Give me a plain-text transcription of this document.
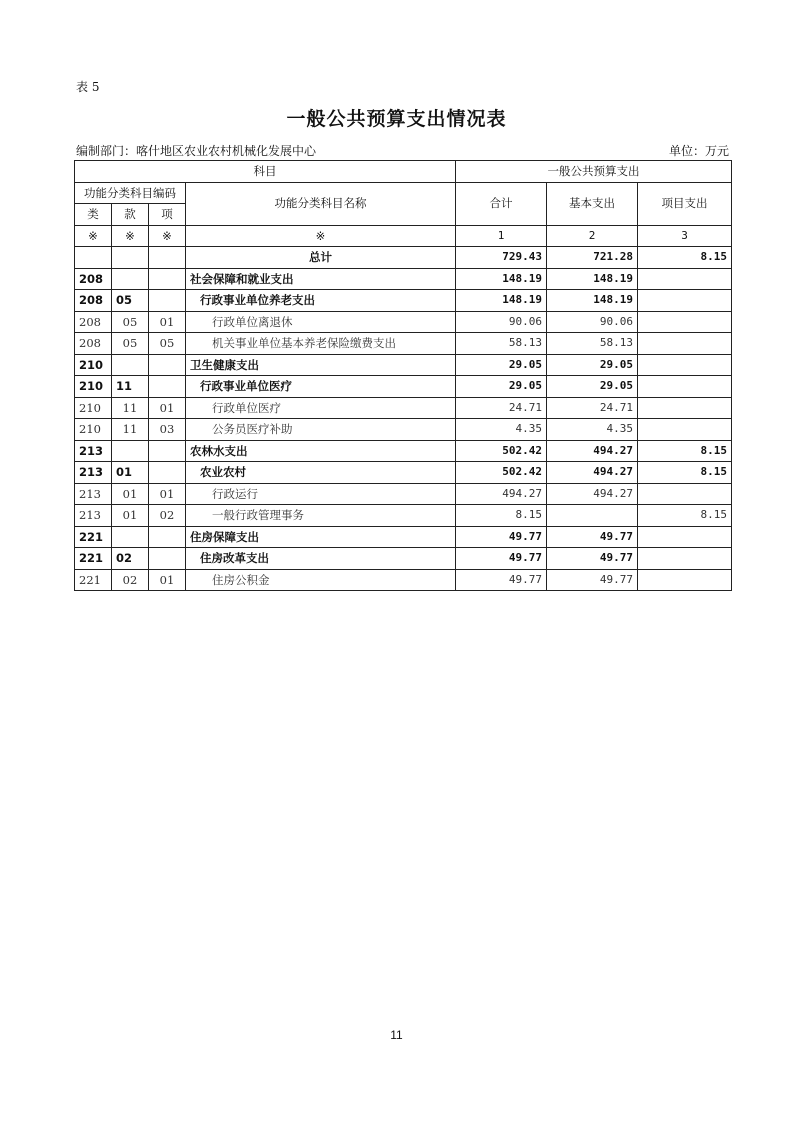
表 5
一般公共预算支出情况表
编制部门：喀什地区农业农村机械化发展中心	单位：万元
科目				一般公共预算支出		
功能分类科目编码			功能分类科目名称	合计	基本支出	项目支出
类	款	项				
※	※	※	※	1	2	3
			总计	729.43	721.28	8.15
208			社会保障和就业支出	148.19	148.19	
208	05		行政事业单位养老支出	148.19	148.19	
208	05	01	行政单位离退休	90.06	90.06	
208	05	05	机关事业单位基本养老保险缴费支出	58.13	58.13	
210			卫生健康支出	29.05	29.05	
210	11		行政事业单位医疗	29.05	29.05	
210	11	01	行政单位医疗	24.71	24.71	
210	11	03	公务员医疗补助	4.35	4.35	
213			农林水支出	502.42	494.27	8.15
213	01		农业农村	502.42	494.27	8.15
213	01	01	行政运行	494.27	494.27	
213	01	02	一般行政管理事务	8.15		8.15
221			住房保障支出	49.77	49.77	
221	02		住房改革支出	49.77	49.77	
221	02	01	住房公积金	49.77	49.77	
11
